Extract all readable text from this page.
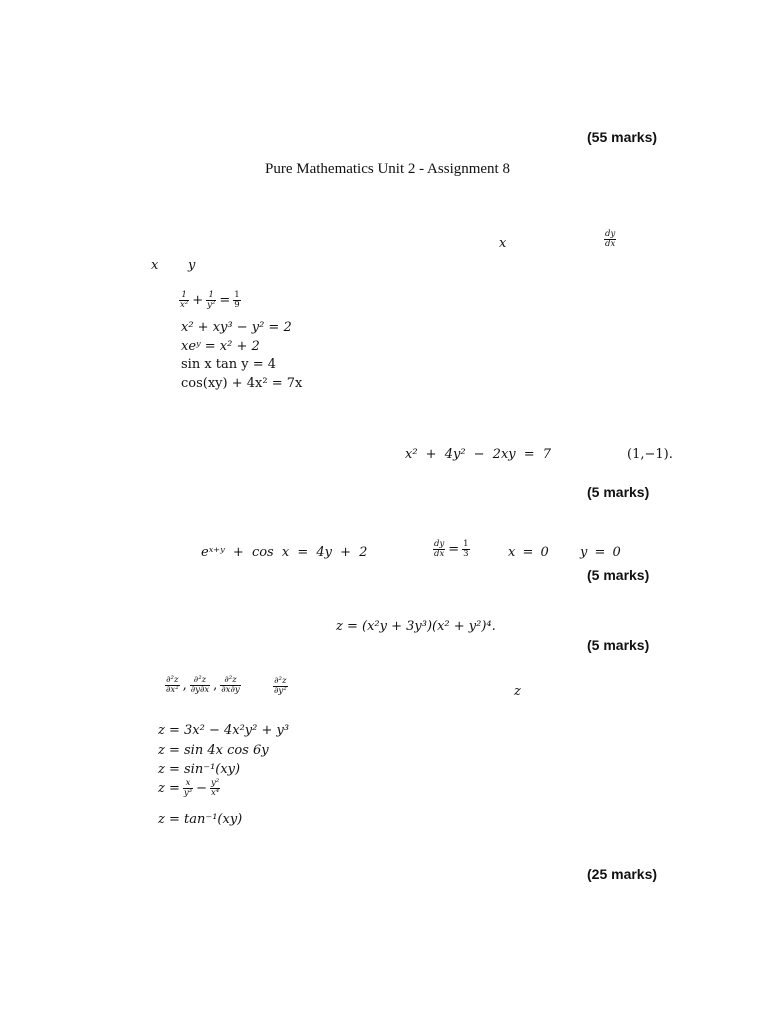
(55 marks)
Pure Mathematics Unit 2 - Assignment 8
x	$\frac{dy}{dx}$
x y
$\frac{1}{\text{x²}} + \frac{1}{\text{y²}} = \frac{1}{9}$
x² + xy³ − y² = 2
xeʸ = x² + 2
sin x tan y = 4
cos(xy) + 4x² = 7x
x² + 4y² − 2xy = 7	(1,−1).
(5 marks)
eˣ⁺ʸ + cos x = 4y + 2	$\frac{dy}{dx} = \frac{1}{3}$	x = 0 y = 0
(5 marks)
z = (x²y + 3y³)(x² + y²)⁴.
(5 marks)
$\frac{\text{∂²z}}{\text{∂x²}}$ , $\frac{\text{∂²z}}{\partial y\partial x}$ , $\frac{\text{∂²z}}{\partial x\partial y}$	$\frac{\text{∂²z}}{\text{∂y²}}$	z
z = 3x² − 4x²y² + y³
z = sin 4x cos 6y
z = sin⁻¹(xy)
$z = \frac{x}{\text{y³}} - \frac{\text{y²}}{\text{x⁴}}$
z = tan⁻¹(xy)
(25 marks)
